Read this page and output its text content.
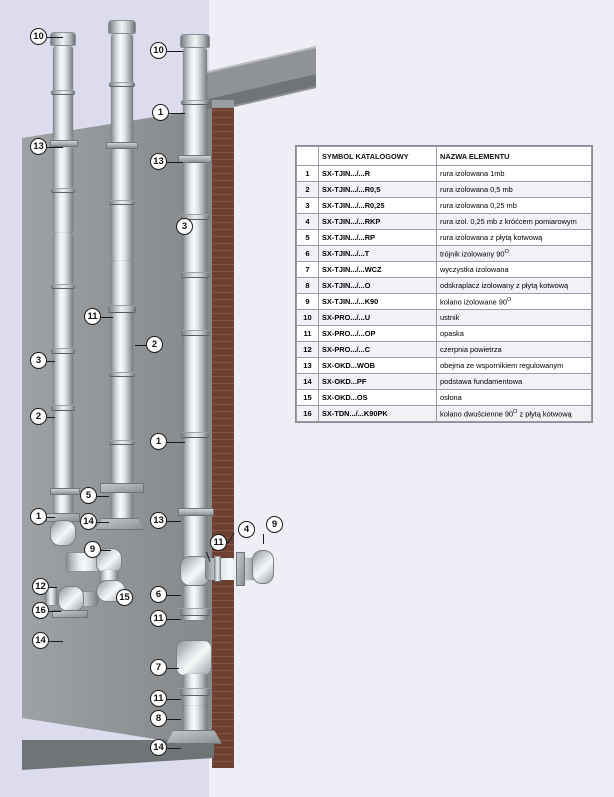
10
10
1
13
13
3
11
2
3
2
1
1
5
13
14
4	9
9
11
12
15
16
6
11
14
7
11
8
14
	SYMBOL KATALOGOWY	NAZWA ELEMENTU
1	SX-TJIN.../...R	rura izolowana 1mb
2	SX-TJIN.../...R0,5	rura izolowana 0,5 mb
3	SX-TJIN.../...R0,25	rura izolowana 0,25 mb
4	SX-TJIN.../...RKP	rura izol. 0,25 mb z króćcem pomiarowym
5	SX-TJIN.../...RP	rura izolowana z płytą kotwową
6	SX-TJIN.../...T	trójnik izolowany $90^O$
7	SX-TJIN.../...WCZ	wyczystka izolowana
8	SX-TJIN.../...O	odskraplacz izolowany z płytą kotwową
9	SX-TJIN.../...K90	kolano izolowane $90^O$
10	SX-PRO.../...U	ustnik
11	SX-PRO.../...OP	opaska
12	SX-PRO.../...C	czerpnia powietrza
13	SX-OKD...WOB	obejma ze wspornikiem regulowanym
14	SX-OKD...PF	podstawa fundamentowa
15	SX-OKD...OS	osłona
16	SX-TDN.../...K90PK	kolano dwuścienne $90^O$ z płytą kotwową
